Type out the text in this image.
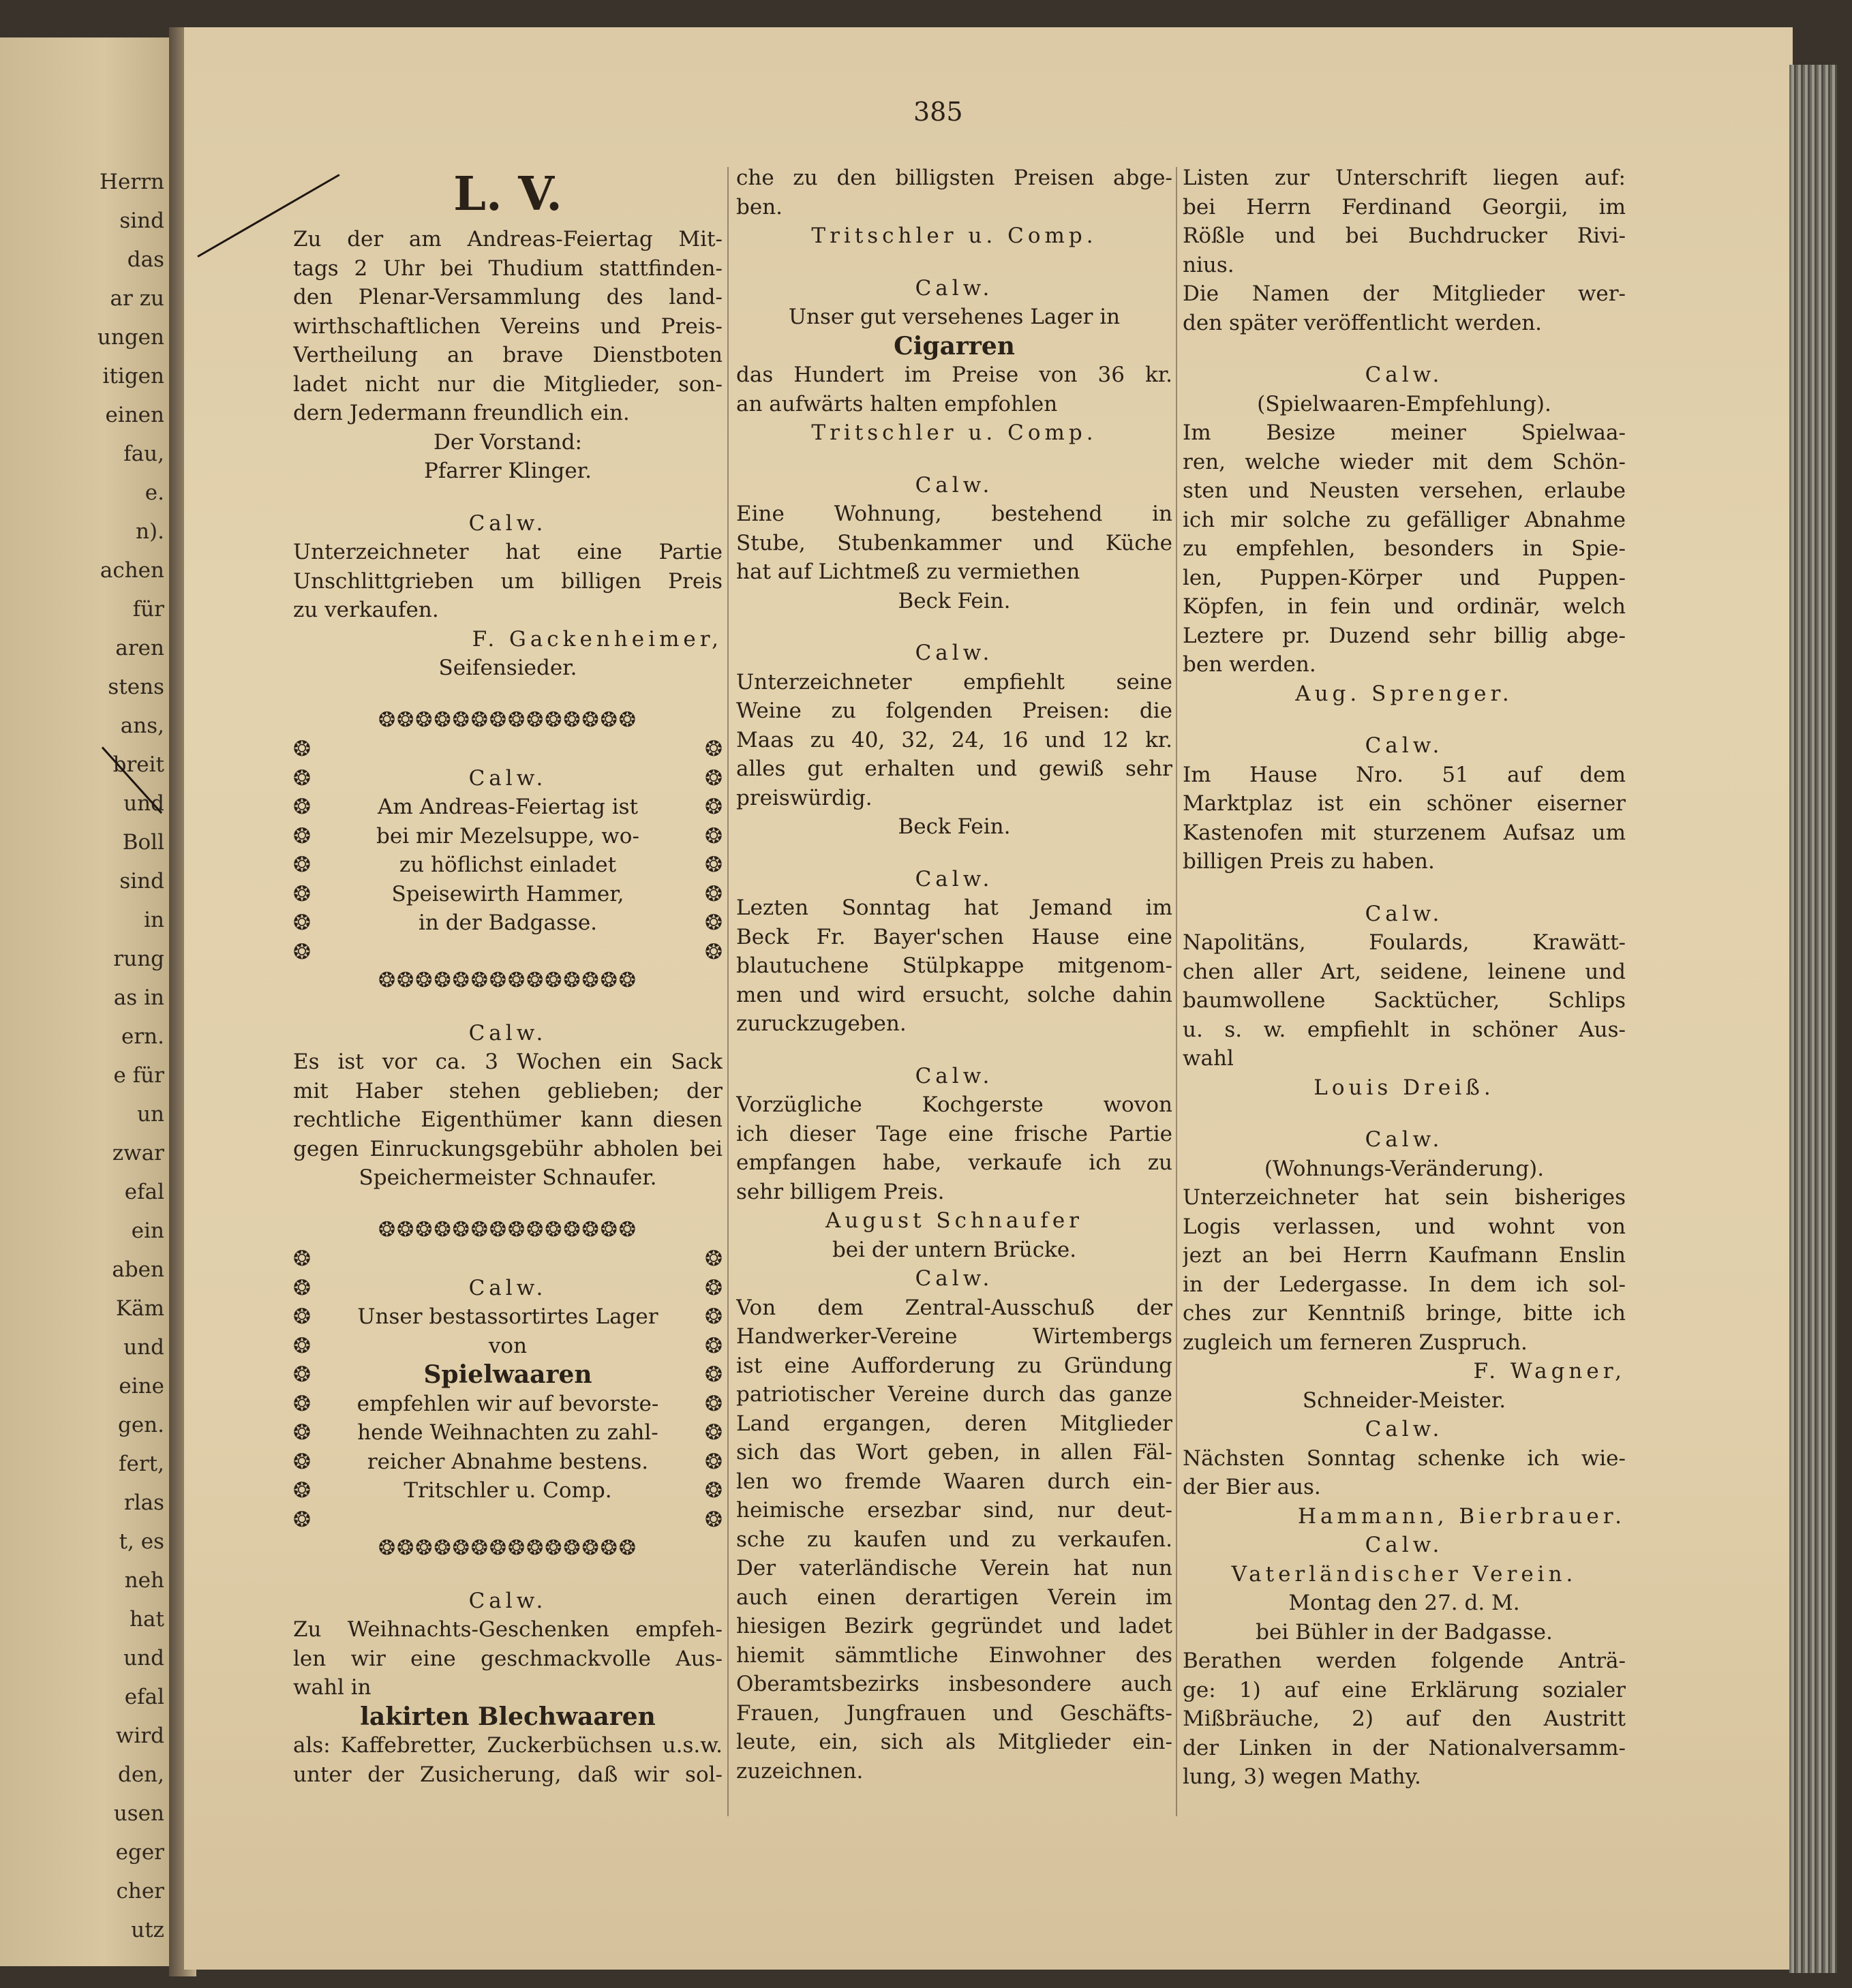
Herrn
sind
das
ar zu
ungen
itigen
einen
fau,
e.
n).
achen
für
aren
stens
ans,
breit
und
Boll
sind
in
rung
as in
ern.
e für
un
zwar
efal
ein
aben
Käm
und
eine
gen.
fert,
rlas
t, es
neh
hat
und
efal
wird
den,
usen
eger
cher
utz
385
L. V.
Zu der am Andreas-Feiertag Mit-
tags 2 Uhr bei Thudium stattfinden-
den Plenar-Versammlung des land-
wirthschaftlichen Vereins und Preis-
Vertheilung an brave Dienstboten
ladet nicht nur die Mitglieder, son-
dern Jedermann freundlich ein.
Der Vorstand:
Pfarrer Klinger.
Calw.
Unterzeichneter hat eine Partie
Unschlittgrieben um billigen Preis
zu verkaufen.
F. Gackenheimer,
Seifensieder.
❂❂❂❂❂❂❂❂❂❂❂❂❂❂
❂	❂
❂	Calw.	❂
❂	Am Andreas-Feiertag ist	❂
❂	bei mir Mezelsuppe, wo-	❂
❂	zu höflichst einladet	❂
❂	Speisewirth Hammer,	❂
❂	in der Badgasse.	❂
❂	❂
❂❂❂❂❂❂❂❂❂❂❂❂❂❂
Calw.
Es ist vor ca. 3 Wochen ein Sack
mit Haber stehen geblieben; der
rechtliche Eigenthümer kann diesen
gegen Einruckungsgebühr abholen bei
Speichermeister Schnaufer.
❂❂❂❂❂❂❂❂❂❂❂❂❂❂
❂	❂
❂	Calw.	❂
❂	Unser bestassortirtes Lager	❂
❂	von	❂
❂	Spielwaaren	❂
❂	empfehlen wir auf bevorste-	❂
❂	hende Weihnachten zu zahl-	❂
❂	reicher Abnahme bestens.	❂
❂	Tritschler u. Comp.	❂
❂	❂
❂❂❂❂❂❂❂❂❂❂❂❂❂❂
Calw.
Zu Weihnachts-Geschenken empfeh-
len wir eine geschmackvolle Aus-
wahl in
lakirten Blechwaaren
als: Kaffebretter, Zuckerbüchsen u.s.w.
unter der Zusicherung, daß wir sol-
che zu den billigsten Preisen abge-
ben.
Tritschler u. Comp.
Calw.
Unser gut versehenes Lager in
Cigarren
das Hundert im Preise von 36 kr.
an aufwärts halten empfohlen
Tritschler u. Comp.
Calw.
Eine Wohnung, bestehend in
Stube, Stubenkammer und Küche
hat auf Lichtmeß zu vermiethen
Beck Fein.
Calw.
Unterzeichneter empfiehlt seine
Weine zu folgenden Preisen: die
Maas zu 40, 32, 24, 16 und 12 kr.
alles gut erhalten und gewiß sehr
preiswürdig.
Beck Fein.
Calw.
Lezten Sonntag hat Jemand im
Beck Fr. Bayer'schen Hause eine
blautuchene Stülpkappe mitgenom-
men und wird ersucht, solche dahin
zuruckzugeben.
Calw.
Vorzügliche Kochgerste wovon
ich dieser Tage eine frische Partie
empfangen habe, verkaufe ich zu
sehr billigem Preis.
August Schnaufer
bei der untern Brücke.
Calw.
Von dem Zentral-Ausschuß der
Handwerker-Vereine Wirtembergs
ist eine Aufforderung zu Gründung
patriotischer Vereine durch das ganze
Land ergangen, deren Mitglieder
sich das Wort geben, in allen Fäl-
len wo fremde Waaren durch ein-
heimische ersezbar sind, nur deut-
sche zu kaufen und zu verkaufen.
Der vaterländische Verein hat nun
auch einen derartigen Verein im
hiesigen Bezirk gegründet und ladet
hiemit sämmtliche Einwohner des
Oberamtsbezirks insbesondere auch
Frauen, Jungfrauen und Geschäfts-
leute, ein, sich als Mitglieder ein-
zuzeichnen.
Listen zur Unterschrift liegen auf:
bei Herrn Ferdinand Georgii, im
Rößle und bei Buchdrucker Rivi-
nius.
Die Namen der Mitglieder wer-
den später veröffentlicht werden.
Calw.
(Spielwaaren-Empfehlung).
Im Besize meiner Spielwaa-
ren, welche wieder mit dem Schön-
sten und Neusten versehen, erlaube
ich mir solche zu gefälliger Abnahme
zu empfehlen, besonders in Spie-
len, Puppen-Körper und Puppen-
Köpfen, in fein und ordinär, welch
Leztere pr. Duzend sehr billig abge-
ben werden.
Aug. Sprenger.
Calw.
Im Hause Nro. 51 auf dem
Marktplaz ist ein schöner eiserner
Kastenofen mit sturzenem Aufsaz um
billigen Preis zu haben.
Calw.
Napolitäns, Foulards, Krawätt-
chen aller Art, seidene, leinene und
baumwollene Sacktücher, Schlips
u. s. w. empfiehlt in schöner Aus-
wahl
Louis Dreiß.
Calw.
(Wohnungs-Veränderung).
Unterzeichneter hat sein bisheriges
Logis verlassen, und wohnt von
jezt an bei Herrn Kaufmann Enslin
in der Ledergasse. In dem ich sol-
ches zur Kenntniß bringe, bitte ich
zugleich um ferneren Zuspruch.
F. Wagner,
Schneider-Meister.
Calw.
Nächsten Sonntag schenke ich wie-
der Bier aus.
Hammann, Bierbrauer.
Calw.
Vaterländischer Verein.
Montag den 27. d. M.
bei Bühler in der Badgasse.
Berathen werden folgende Anträ-
ge: 1) auf eine Erklärung sozialer
Mißbräuche, 2) auf den Austritt
der Linken in der Nationalversamm-
lung, 3) wegen Mathy.
